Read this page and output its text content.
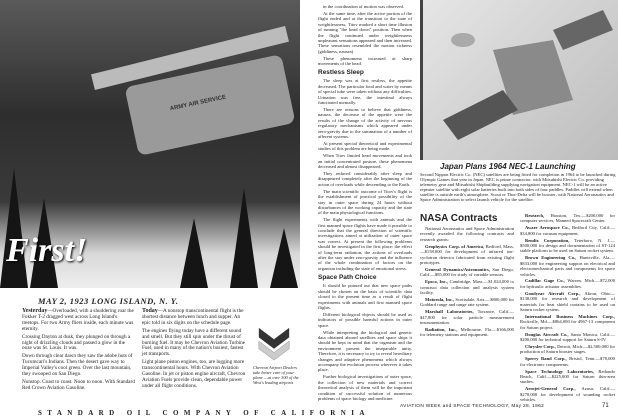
ARMY AIR SERVICE
First!
MAY 2, 1923 LONG ISLAND, N. Y.

Yesterday—Overloaded, with a shuddering roar the Fokker T-2 dragged west across Long Island's treetops. For two Army fliers inside, each minute was eternity.

Crossing Dayton at dusk, they plunged on through a night of drizzling clouds and passed a glow in the ooze was St. Louis. It was.

Down through clear dawn they saw the adobe huts of Tucumcari's Indians. Then the desert gave way to Imperial Valley's cool green. Over the last mountain, they swooped on San Diego.

Nonstop. Coast to coast. Noon to noon. With Standard Red Crown Aviation Gasoline.

Today—A nonstop transcontinental flight is the shortest distance between lunch and supper. An epic told in six digits on the schedule page.

The engines flying today have a different sound and smell. But they still spin under the thrust of burning fuel. It may be Chevron Aviation Turbine Fuel, used in many of the nation's busiest, fastest jet transports.

Light plane piston engines, too, are logging more transcontinental hours. With Chevron Aviation Gasoline. In jet or piston engine aircraft, Chevron Aviation Fuels provide clean, dependable power under all flight conditions.

STANDARD OIL COMPANY OF CALIFORNIA
Chevron Airport Dealers take better care of your plane —at over 300 of the West's leading airports

in the coordination of motion was observed.

At the same time, after the active portion of the flight ended and at the transition to the state of weightlessness, Titov marked a short time illusion of running "the head down" position. Then when the flight continued under weightlessness unpleasant sensations appeared and then increased. These sensations resembled the motion sickness (giddiness, nausea).

These phenomena increased at sharp movements of the head.

Restless Sleep

The sleep was at first restless, the appetite decreased. The particular food and water by means of special tube were taken without any difficulties. Urination was free, the intestinal always functioned normally.

There are reasons to believe that giddiness, nausea, the decrease of the appetite were the results of the change of the activity of nervous regulatory mechanisms which appeared under zero-gravity due to the summation of a number of afferent systems.

At present special theoretical and experimental studies of this problem are being made.

When Titov limited head movements and took an initial concentrated posture, these phenomena decreased and almost disappeared.

They reduced considerably after sleep and disappeared completely after the beginning of the action of overloads while descending to the Earth.

The main scientific outcome of Titov's flight is the establishment of practical possibility of the stay in outer space during 24 hours without disturbances of the working capacity and the state of the main physiological functions.

The flight experiments with animals and the first manned space flights have made it possible to conclude that the general direction of scientific investigations aimed at utilization of outer space was correct. At present the following problems should be investigated in the first place: the effect of long-term radiation, the actions of overloads after the stay under zero-gravity and the influence of the whole combination of factors on the organism including the state of emotional stress.

Space Path Choice

It should be pointed out that new space paths should be chosen on the basis of scientific data closed to the present time as a result of flight experiments with animals and first manned space flights.

Different biological objects should be used as indicators of possible harmful actions in outer space.

While interpreting the biological and genetic data obtained aboard satellites and space ships it should be kept in mind that the organism and the environment present the inseparable unity. Therefore, it is necessary to try to reveal hereditary changes and adaptive phenomena which always accompany the evolution process wherever it takes place.

Further biological investigations of outer space, the collection of new materials and correct theoretical analysis of them will be the important condition of successful solution of numerous problems of space biology and medicine.

Japan Plans 1964 NEC-1 Launching
Second Nippon Electric Co. (NEC) satellites are being fitted for completion in 1964 to be launched during Olympic Games that year in Japan. NEC is prime contractor, with Mitsubishi Electric Co. providing telemetry gear and Mitsubishi Shipbuilding supplying navigation equipment. NEC-1 will be an active repeater satellite with eight solar batteries built into both sides of four paddles. Paddles will extend when satellite is outside earth's atmosphere. Scout or Thor-Delta will be booster, with National Aeronautics and Space Administration to select launch vehicle for the satellite.
NASA Contracts

National Aeronautics and Space Administration recently awarded the following contracts and research grants:

Geophysics Corp. of America, Bedford, Mass.—$158,000 for development of infrared ion-cyclotron detector fabricated from existing flight prototypes.

General Dynamics/Astronautics, San Diego, Calif.—$85,000 for study of variable sensors.

Epsco, Inc., Cambridge, Mass.—$1,024,000 to construct data collection and analysis system facility.

Motorola, Inc., Scottsdale, Ariz.—$800,000 for Goddard range and range rate system.

Marshall Laboratories, Torrance, Calif.—$47,800 for solar particle measurement instrumentation.

Radiation, Inc., Melbourne, Fla.—$166,000 for telemetry stations and equipment.

Research, Houston, Tex.—$200,000 for computer services, Manned Spacecraft Center.

Aware Aerospace Co., Bedford City, Calif.—$34,800 for vacuum equipment.

Bendix Corporation, Teterboro, N. J.—$500,000 for design and documentation of ST-124 stable platform to be used on Saturn rocket system.

Brown Engineering Co., Huntsville, Ala.—$833,000 for engineering support on electrical and electromechanical parts and components for space vehicles.

Cadillac Gage Co., Warren, Mich.—$72,000 for hydraulic actuator assemblies.

Goodyear Aircraft Corp., Akron, Ohio—$138,000 for research and development of materials for heat shield curtains to be used on Saturn rocket system.

International Business Machines Corp., Rockville, Md.—$864,000 for 4967-13 component for Saturn project.

Douglas Aircraft Co., Santa Monica, Calif.—$200,000 for technical support for Saturn S-IV.

Chrysler Corp., Detroit, Mich.—$2,500,000 for production of Saturn booster stages.

Sperry Rand Corp., Bristol, Tenn.—$78,000 for electronic components.

Space Technology Laboratories, Redondo Beach, Calif.—$225,000 for Saturn thin-area studies.

Aerojet-General Corp., Azusa, Calif.—$278,000 for development of sounding rocket vehicles.

AVIATION WEEK and SPACE TECHNOLOGY, May 28, 1962	71
